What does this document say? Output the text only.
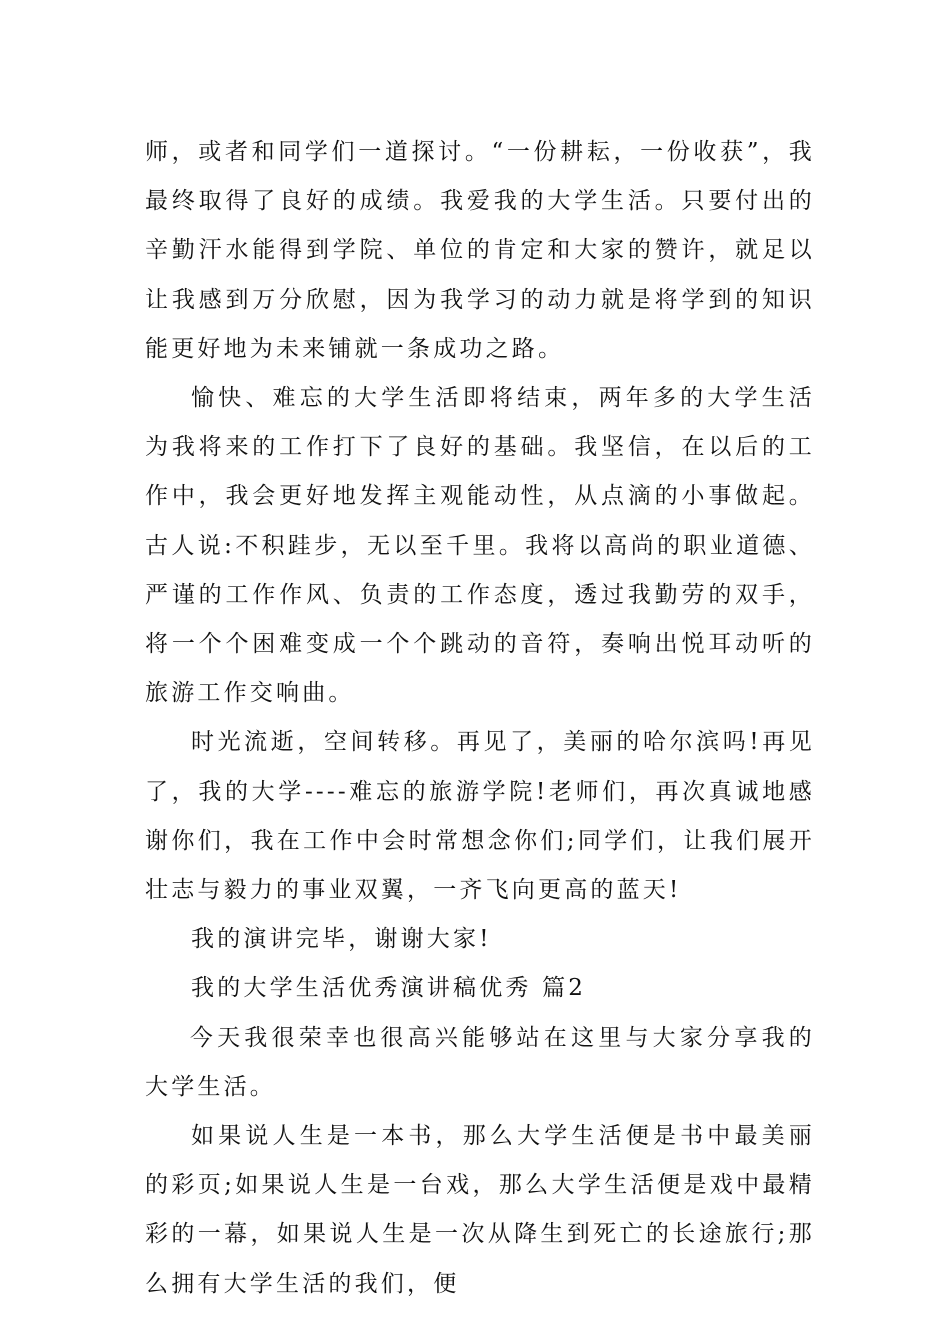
师，或者和同学们一道探讨。“一份耕耘，一份收获”，我最终取得了良好的成绩。我爱我的大学生活。只要付出的辛勤汗水能得到学院、单位的肯定和大家的赞许，就足以让我感到万分欣慰，因为我学习的动力就是将学到的知识能更好地为未来铺就一条成功之路。

愉快、难忘的大学生活即将结束，两年多的大学生活为我将来的工作打下了良好的基础。我坚信，在以后的工作中，我会更好地发挥主观能动性，从点滴的小事做起。古人说:不积跬步，无以至千里。我将以高尚的职业道德、严谨的工作作风、负责的工作态度，透过我勤劳的双手，将一个个困难变成一个个跳动的音符，奏响出悦耳动听的旅游工作交响曲。

时光流逝，空间转移。再见了，美丽的哈尔滨吗!再见了，我的大学----难忘的旅游学院!老师们，再次真诚地感谢你们，我在工作中会时常想念你们;同学们，让我们展开壮志与毅力的事业双翼，一齐飞向更高的蓝天!

我的演讲完毕，谢谢大家!

我的大学生活优秀演讲稿优秀 篇2

今天我很荣幸也很高兴能够站在这里与大家分享我的大学生活。

如果说人生是一本书，那么大学生活便是书中最美丽的彩页;如果说人生是一台戏，那么大学生活便是戏中最精彩的一幕，如果说人生是一次从降生到死亡的长途旅行;那么拥有大学生活的我们，便
